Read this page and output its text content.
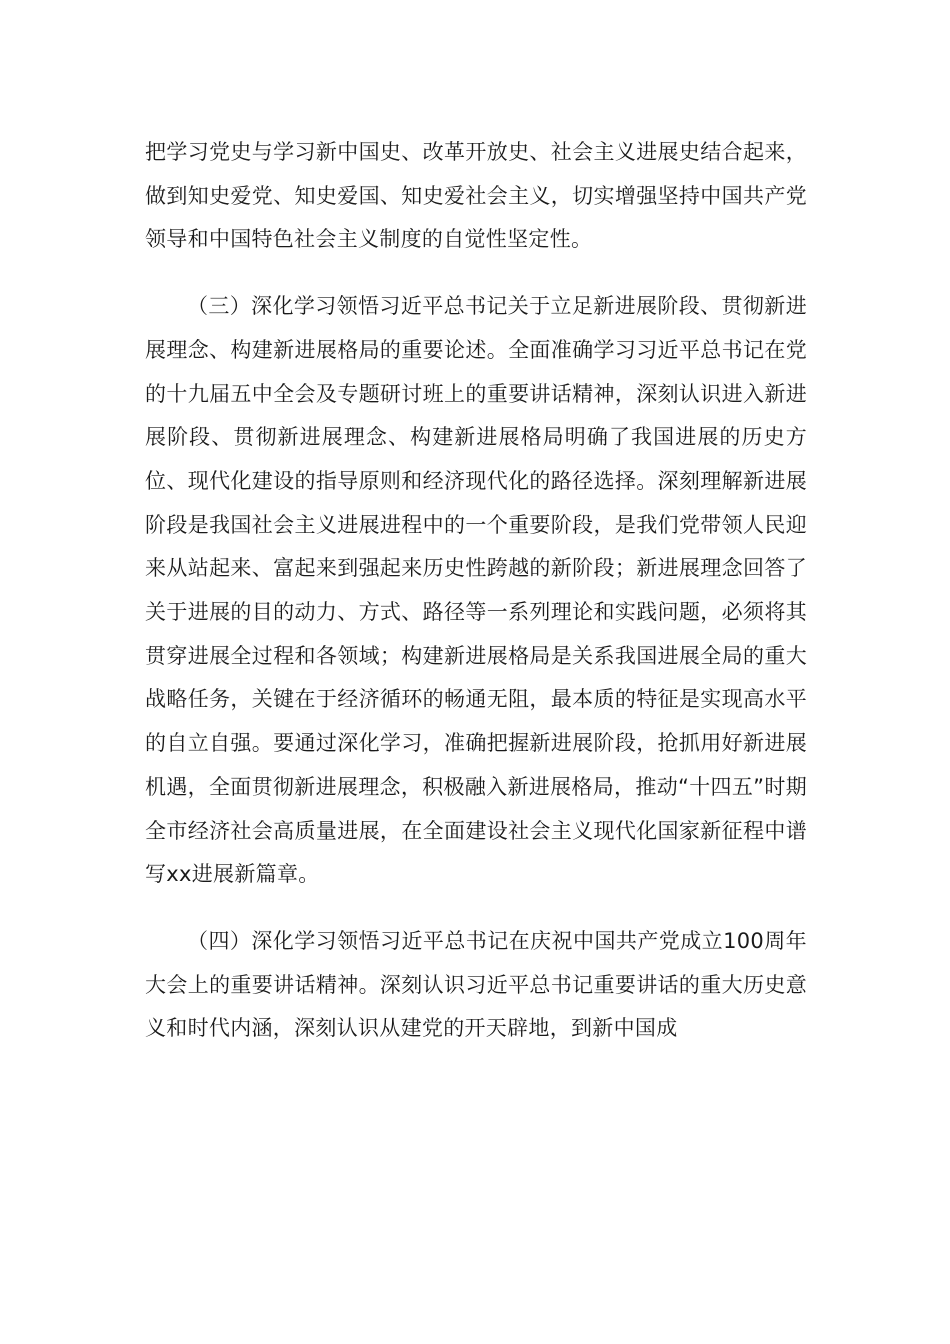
把学习党史与学习新中国史、改革开放史、社会主义进展史结合起来，做到知史爱党、知史爱国、知史爱社会主义，切实增强坚持中国共产党领导和中国特色社会主义制度的自觉性坚定性。

（三）深化学习领悟习近平总书记关于立足新进展阶段、贯彻新进展理念、构建新进展格局的重要论述。全面准确学习习近平总书记在党的十九届五中全会及专题研讨班上的重要讲话精神，深刻认识进入新进展阶段、贯彻新进展理念、构建新进展格局明确了我国进展的历史方位、现代化建设的指导原则和经济现代化的路径选择。深刻理解新进展阶段是我国社会主义进展进程中的一个重要阶段，是我们党带领人民迎来从站起来、富起来到强起来历史性跨越的新阶段；新进展理念回答了关于进展的目的动力、方式、路径等一系列理论和实践问题，必须将其贯穿进展全过程和各领域；构建新进展格局是关系我国进展全局的重大战略任务，关键在于经济循环的畅通无阻，最本质的特征是实现高水平的自立自强。要通过深化学习，准确把握新进展阶段，抢抓用好新进展机遇，全面贯彻新进展理念，积极融入新进展格局，推动“十四五”时期全市经济社会高质量进展，在全面建设社会主义现代化国家新征程中谱写xx进展新篇章。

（四）深化学习领悟习近平总书记在庆祝中国共产党成立100周年大会上的重要讲话精神。深刻认识习近平总书记重要讲话的重大历史意义和时代内涵，深刻认识从建党的开天辟地，到新中国成
